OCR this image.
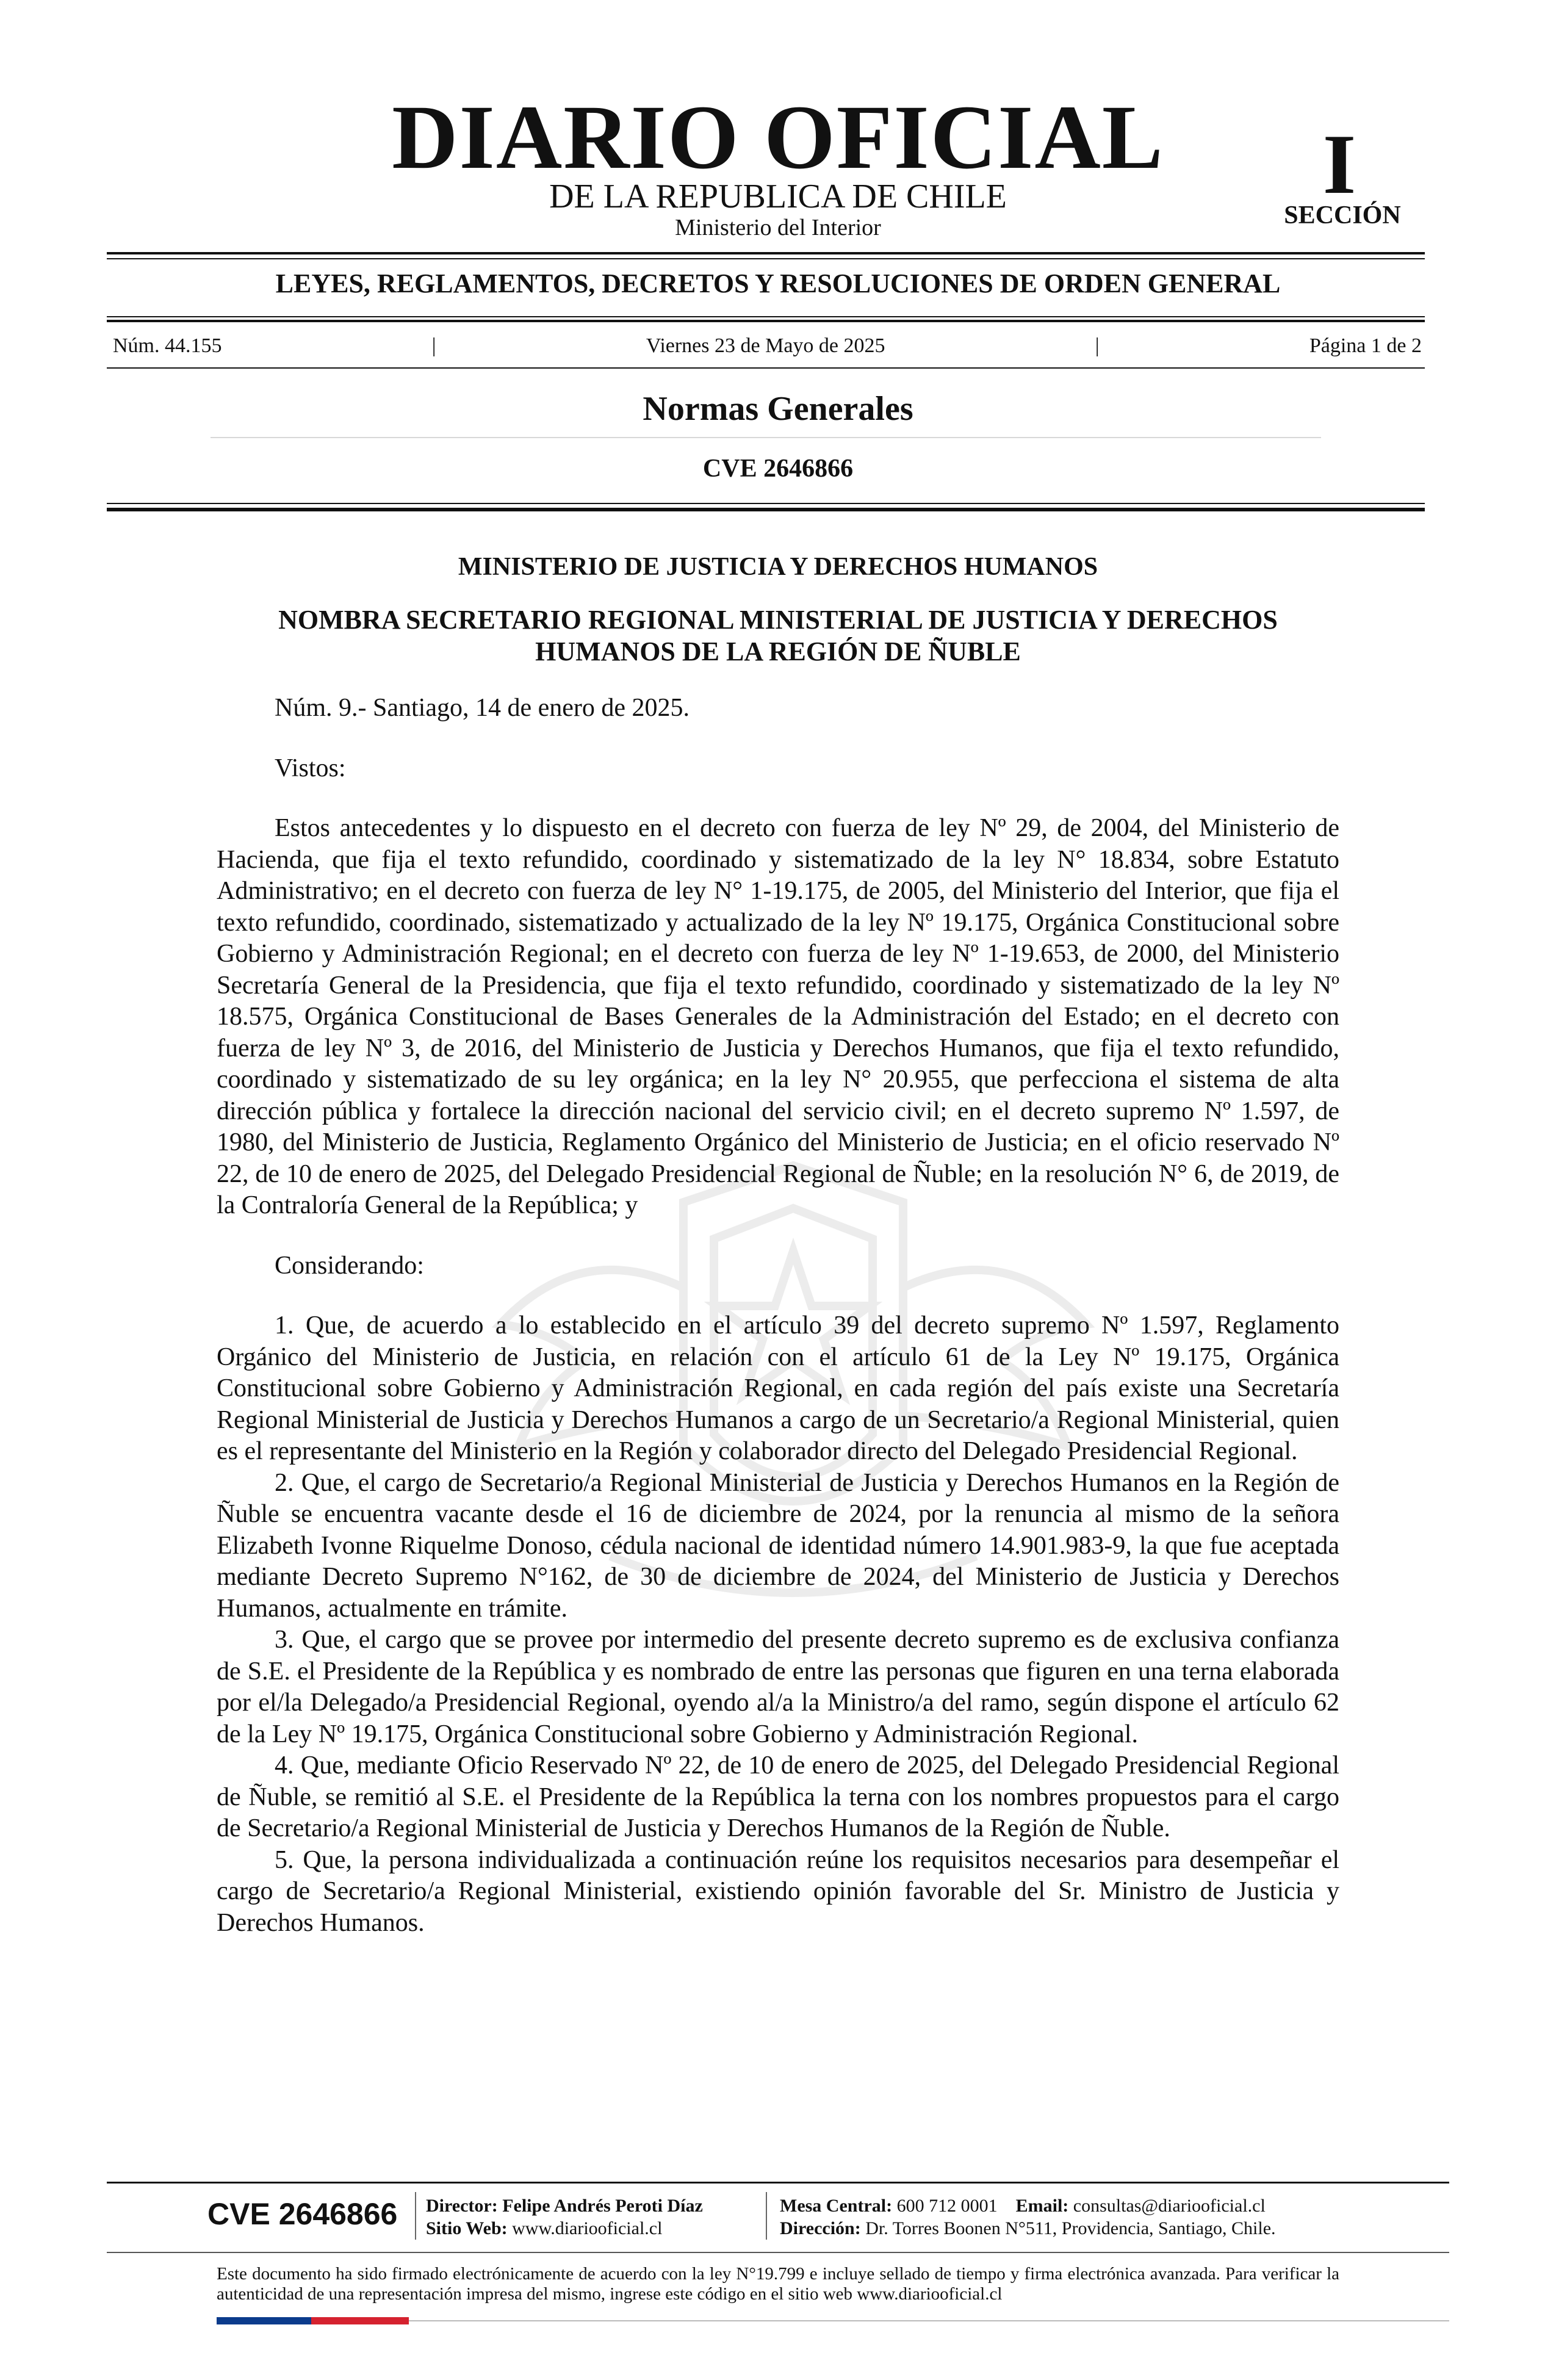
DIARIO OFICIAL
DE LA REPUBLICA DE CHILE
Ministerio del Interior
I
SECCIÓN
LEYES, REGLAMENTOS, DECRETOS Y RESOLUCIONES DE ORDEN GENERAL
Núm. 44.155	|	Viernes 23 de Mayo de 2025	|	Página 1 de 2
Normas Generales
CVE 2646866
MINISTERIO DE JUSTICIA Y DERECHOS HUMANOS
NOMBRA SECRETARIO REGIONAL MINISTERIAL DE JUSTICIA Y DERECHOS
HUMANOS DE LA REGIÓN DE ÑUBLE

Núm. 9.- Santiago, 14 de enero de 2025.

Vistos:

Estos antecedentes y lo dispuesto en el decreto con fuerza de ley Nº 29, de 2004, del Ministerio de Hacienda, que fija el texto refundido, coordinado y sistematizado de la ley N° 18.834, sobre Estatuto Administrativo; en el decreto con fuerza de ley N° 1-19.175, de 2005, del Ministerio del Interior, que fija el texto refundido, coordinado, sistematizado y actualizado de la ley Nº 19.175, Orgánica Constitucional sobre Gobierno y Administración Regional; en el decreto con fuerza de ley Nº 1-19.653, de 2000, del Ministerio Secretaría General de la Presidencia, que fija el texto refundido, coordinado y sistematizado de la ley Nº 18.575, Orgánica Constitucional de Bases Generales de la Administración del Estado; en el decreto con fuerza de ley Nº 3, de 2016, del Ministerio de Justicia y Derechos Humanos, que fija el texto refundido, coordinado y sistematizado de su ley orgánica; en la ley N° 20.955, que perfecciona el sistema de alta dirección pública y fortalece la dirección nacional del servicio civil; en el decreto supremo Nº 1.597, de 1980, del Ministerio de Justicia, Reglamento Orgánico del Ministerio de Justicia; en el oficio reservado Nº 22, de 10 de enero de 2025, del Delegado Presidencial Regional de Ñuble; en la resolución N° 6, de 2019, de la Contraloría General de la República; y

Considerando:

1. Que, de acuerdo a lo establecido en el artículo 39 del decreto supremo Nº 1.597, Reglamento Orgánico del Ministerio de Justicia, en relación con el artículo 61 de la Ley Nº 19.175, Orgánica Constitucional sobre Gobierno y Administración Regional, en cada región del país existe una Secretaría Regional Ministerial de Justicia y Derechos Humanos a cargo de un Secretario/a Regional Ministerial, quien es el representante del Ministerio en la Región y colaborador directo del Delegado Presidencial Regional.

2. Que, el cargo de Secretario/a Regional Ministerial de Justicia y Derechos Humanos en la Región de Ñuble se encuentra vacante desde el 16 de diciembre de 2024, por la renuncia al mismo de la señora Elizabeth Ivonne Riquelme Donoso, cédula nacional de identidad número 14.901.983-9, la que fue aceptada mediante Decreto Supremo N°162, de 30 de diciembre de 2024, del Ministerio de Justicia y Derechos Humanos, actualmente en trámite.

3. Que, el cargo que se provee por intermedio del presente decreto supremo es de exclusiva confianza de S.E. el Presidente de la República y es nombrado de entre las personas que figuren en una terna elaborada por el/la Delegado/a Presidencial Regional, oyendo al/a la Ministro/a del ramo, según dispone el artículo 62 de la Ley Nº 19.175, Orgánica Constitucional sobre Gobierno y Administración Regional.

4. Que, mediante Oficio Reservado Nº 22, de 10 de enero de 2025, del Delegado Presidencial Regional de Ñuble, se remitió al S.E. el Presidente de la República la terna con los nombres propuestos para el cargo de Secretario/a Regional Ministerial de Justicia y Derechos Humanos de la Región de Ñuble.

5. Que, la persona individualizada a continuación reúne los requisitos necesarios para desempeñar el cargo de Secretario/a Regional Ministerial, existiendo opinión favorable del Sr. Ministro de Justicia y Derechos Humanos.

CVE 2646866 Director: Felipe Andrés Peroti Díaz
Sitio Web: www.diariooficial.cl
Mesa Central: 600 712 0001 Email: consultas@diariooficial.cl
Dirección: Dr. Torres Boonen N°511, Providencia, Santiago, Chile.
Este documento ha sido firmado electrónicamente de acuerdo con la ley N°19.799 e incluye sellado de tiempo y firma electrónica avanzada. Para verificar la autenticidad de una representación impresa del mismo, ingrese este código en el sitio web www.diariooficial.cl
